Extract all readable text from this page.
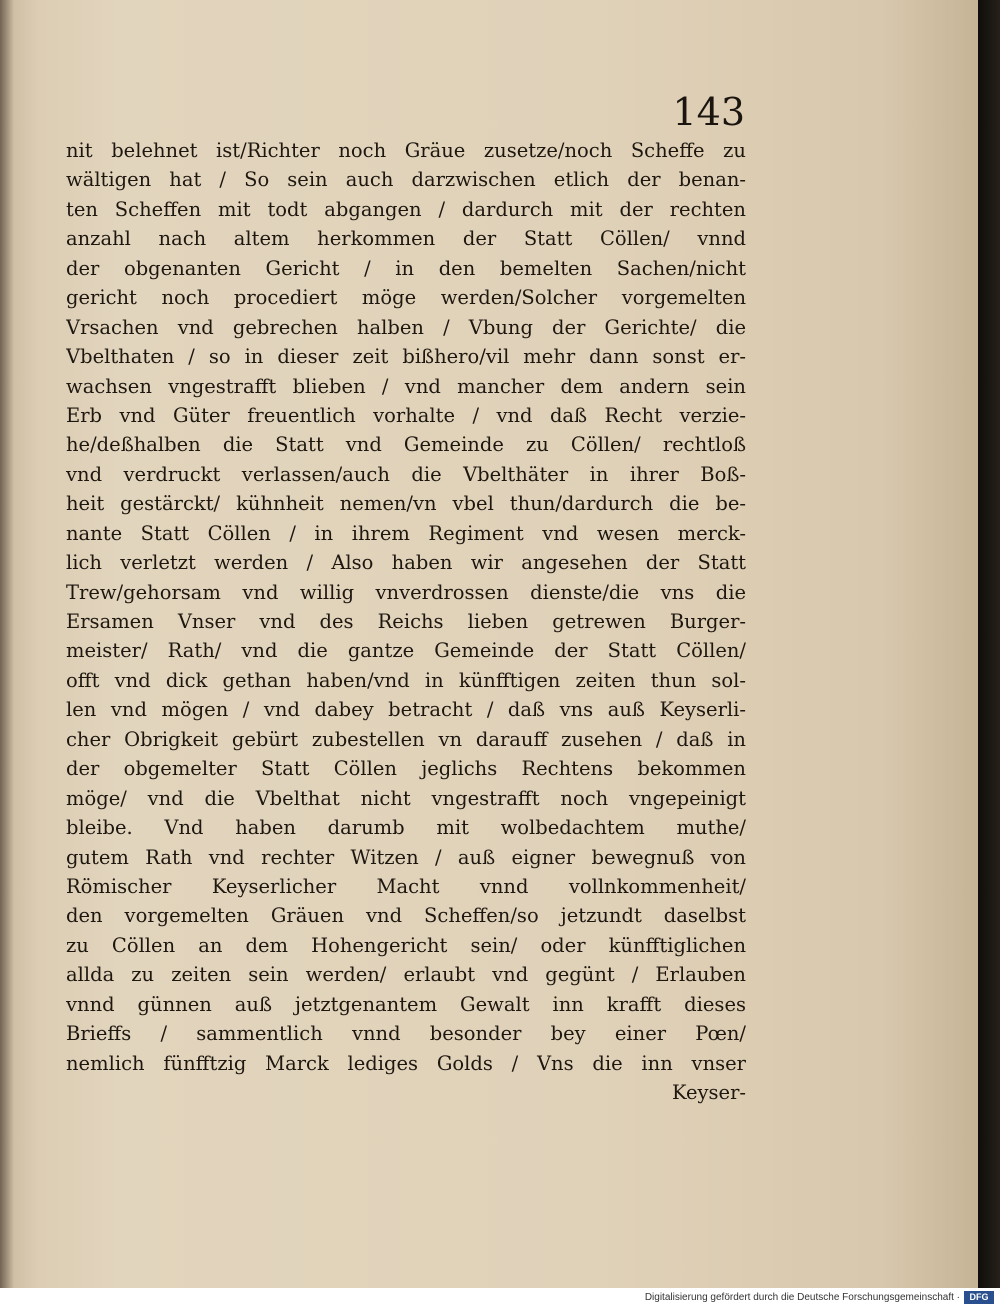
143
nit belehnet ist/Richter noch Gräue zusetze/noch Scheffe zu
wältigen hat / So sein auch darzwischen etlich der benan-
ten Scheffen mit todt abgangen / dardurch mit der rechten
anzahl nach altem herkommen der Statt Cöllen/ vnnd
der obgenanten Gericht / in den bemelten Sachen/nicht
gericht noch procediert möge werden/Solcher vorgemelten
Vrsachen vnd gebrechen halben / Vbung der Gerichte/ die
Vbelthaten / so in dieser zeit bißhero/vil mehr dann sonst er-
wachsen vngestrafft blieben / vnd mancher dem andern sein
Erb vnd Güter freuentlich vorhalte / vnd daß Recht verzie-
he/deßhalben die Statt vnd Gemeinde zu Cöllen/ rechtloß
vnd verdruckt verlassen/auch die Vbelthäter in ihrer Boß-
heit gestärckt/ kühnheit nemen/vn vbel thun/dardurch die be-
nante Statt Cöllen / in ihrem Regiment vnd wesen merck-
lich verletzt werden / Also haben wir angesehen der Statt
Trew/gehorsam vnd willig vnverdrossen dienste/die vns die
Ersamen Vnser vnd des Reichs lieben getrewen Burger-
meister/ Rath/ vnd die gantze Gemeinde der Statt Cöllen/
offt vnd dick gethan haben/vnd in künfftigen zeiten thun sol-
len vnd mögen / vnd dabey betracht / daß vns auß Keyserli-
cher Obrigkeit gebürt zubestellen vn darauff zusehen / daß in
der obgemelter Statt Cöllen jeglichs Rechtens bekommen
möge/ vnd die Vbelthat nicht vngestrafft noch vngepeinigt
bleibe. Vnd haben darumb mit wolbedachtem muthe/
gutem Rath vnd rechter Witzen / auß eigner bewegnuß von
Römischer Keyserlicher Macht vnnd vollnkommenheit/
den vorgemelten Gräuen vnd Scheffen/so jetzundt daselbst
zu Cöllen an dem Hohengericht sein/ oder künfftiglichen
allda zu zeiten sein werden/ erlaubt vnd gegünt / Erlauben
vnnd günnen auß jetztgenantem Gewalt inn krafft dieses
Brieffs / sammentlich vnnd besonder bey einer Pœn/
nemlich fünfftzig Marck lediges Golds / Vns die inn vnser
Keyser-
Digitalisierung gefördert durch die Deutsche Forschungsgemeinschaft ·	DFG
